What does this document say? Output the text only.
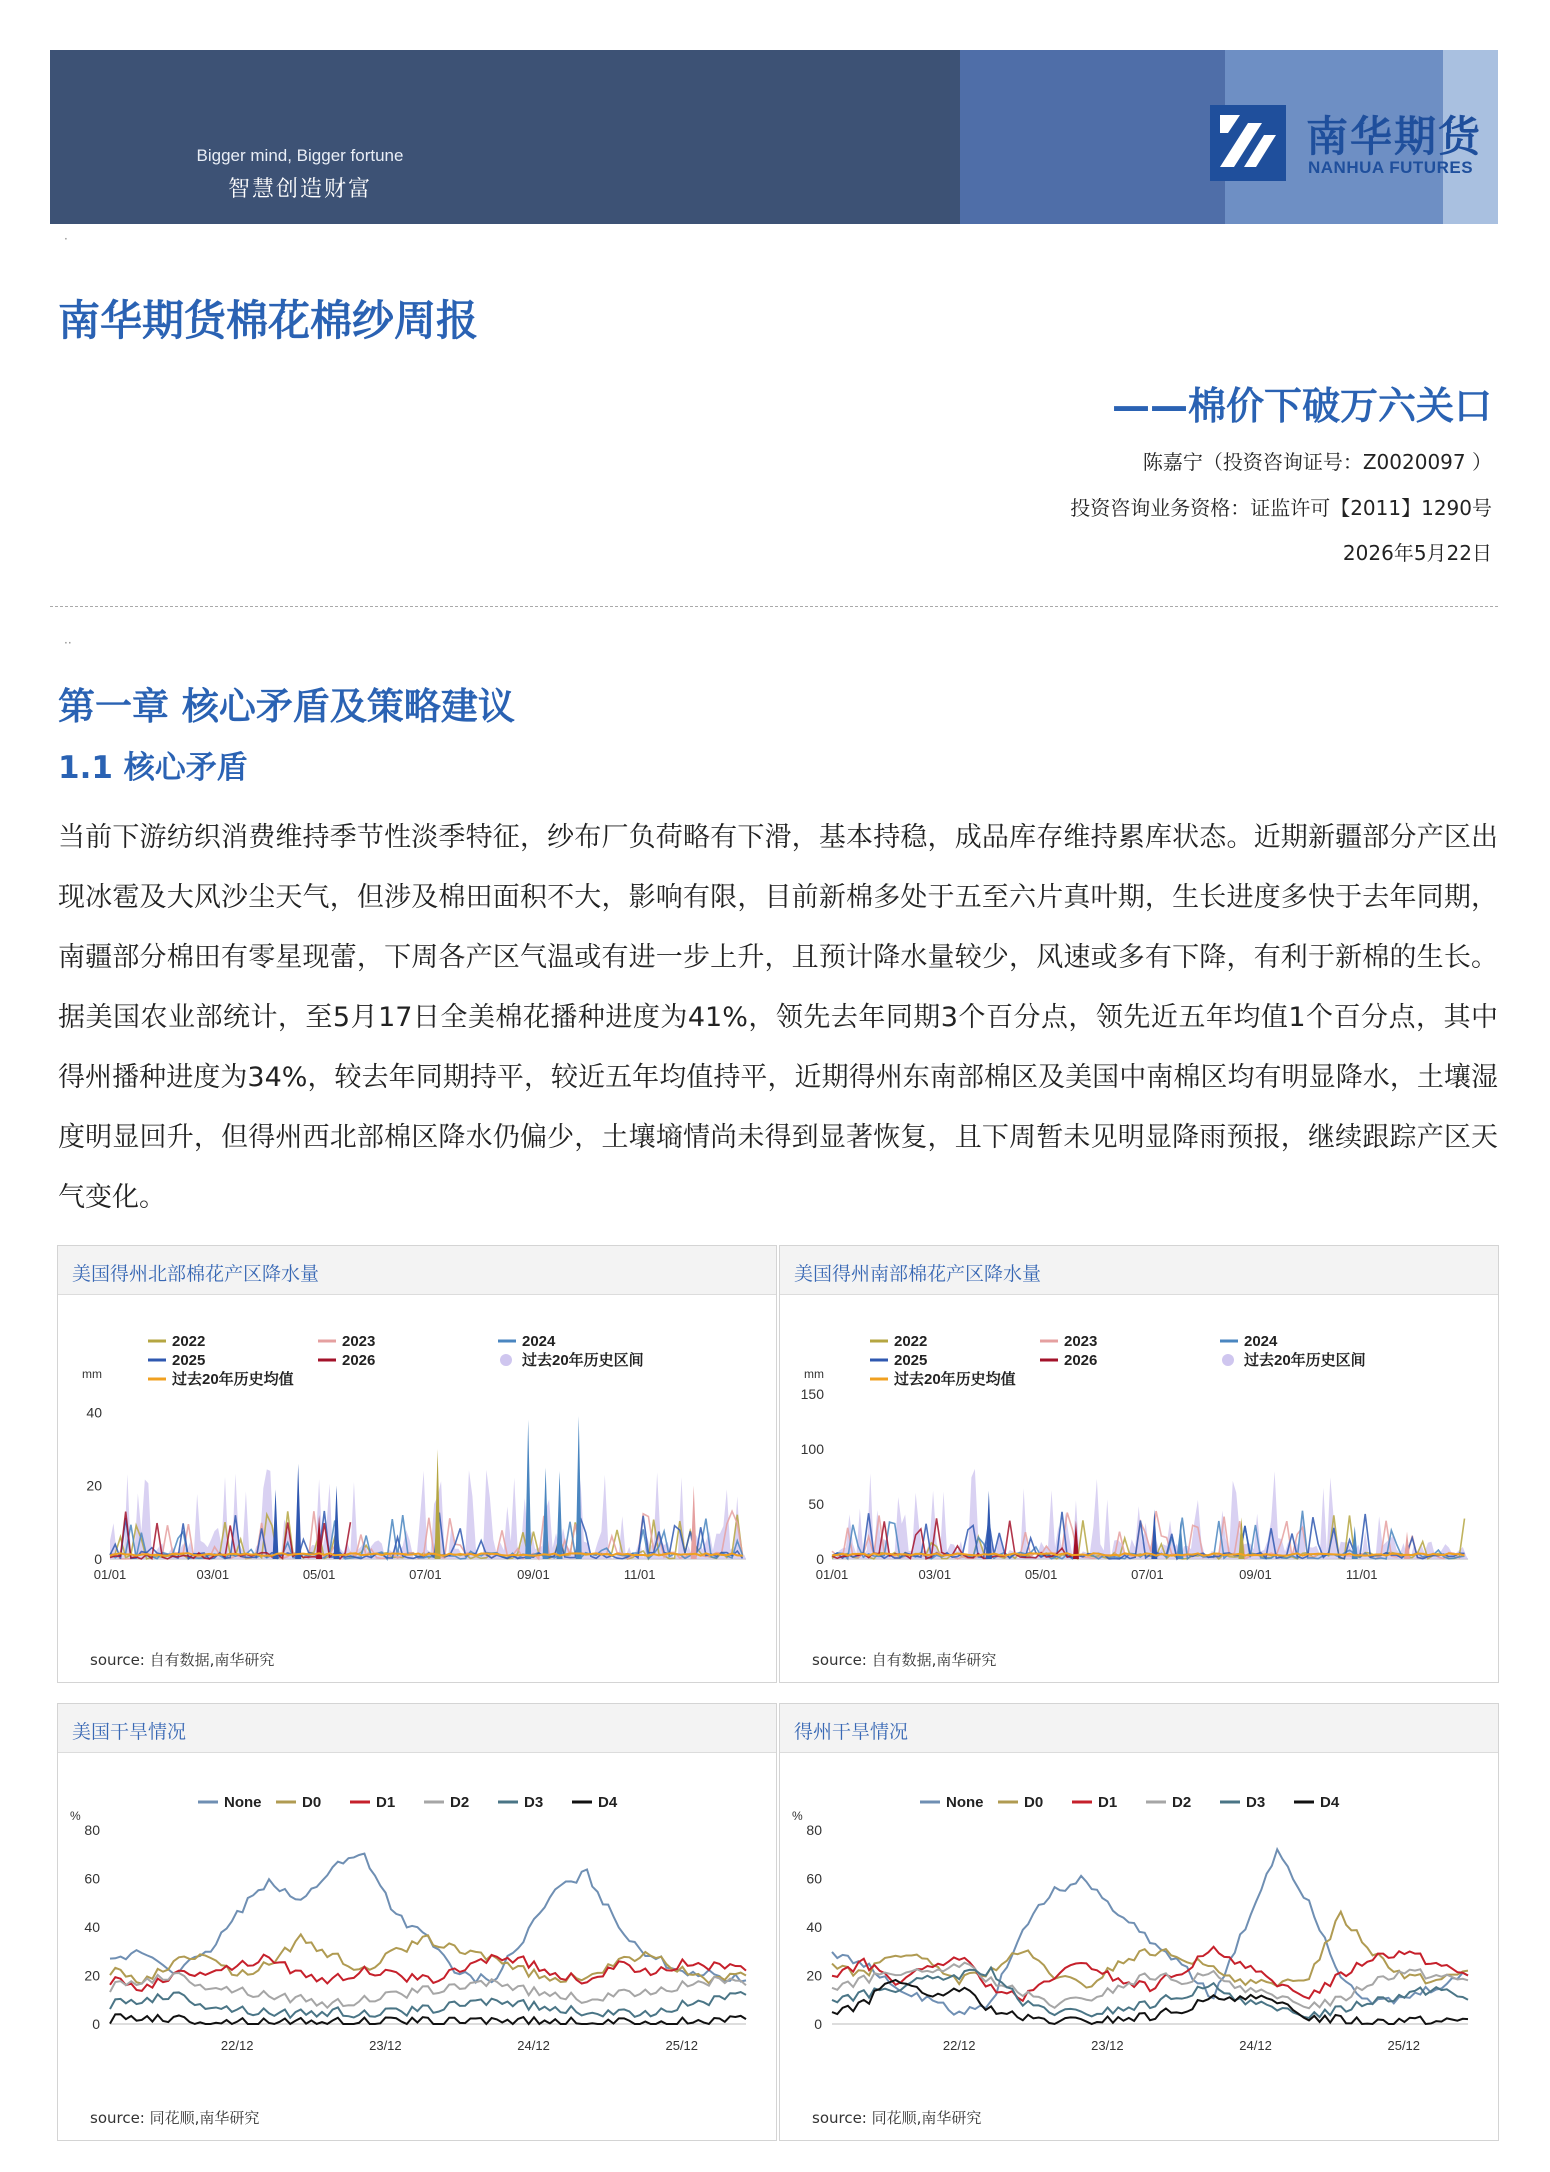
Bigger mind, Bigger fortune
智慧创造财富
南华期货
NANHUA FUTURES
·
南华期货棉花棉纱周报
——棉价下破万六关口
陈嘉宁（投资咨询证号：Z0020097 ）
投资咨询业务资格：证监许可【2011】1290号
2026年5月22日
··
第一章 核心矛盾及策略建议
1.1 核心矛盾
当前下游纺织消费维持季节性淡季特征，纱布厂负荷略有下滑，基本持稳，成品库存维持累库状态。近期新疆部分产区出现冰雹及大风沙尘天气，但涉及棉田面积不大，影响有限，目前新棉多处于五至六片真叶期，生长进度多快于去年同期，南疆部分棉田有零星现蕾，下周各产区气温或有进一步上升，且预计降水量较少，风速或多有下降，有利于新棉的生长。据美国农业部统计，至5月17日全美棉花播种进度为41%，领先去年同期3个百分点，领先近五年均值1个百分点，其中得州播种进度为34%，较去年同期持平，较近五年均值持平，近期得州东南部棉区及美国中南棉区均有明显降水，土壤湿度明显回升，但得州西北部棉区降水仍偏少，土壤墒情尚未得到显著恢复，且下周暂未见明显降雨预报，继续跟踪产区天气变化。
美国得州北部棉花产区降水量
2022	2023	2024
2025	2026	过去20年历史区间
过去20年历史均值
mm
0
20
40
01/01	03/01	05/01	07/01	09/01	11/01
source: 自有数据,南华研究
美国得州南部棉花产区降水量
2022	2023	2024
2025	2026	过去20年历史区间
过去20年历史均值
mm
0
50
100
150
01/01	03/01	05/01	07/01	09/01	11/01
source: 自有数据,南华研究
美国干旱情况
None	D0	D1	D2	D3	D4
%
0
20
40
60
80
22/12	23/12	24/12	25/12
source: 同花顺,南华研究
得州干旱情况
None	D0	D1	D2	D3	D4
%
0
20
40
60
80
22/12	23/12	24/12	25/12
source: 同花顺,南华研究
